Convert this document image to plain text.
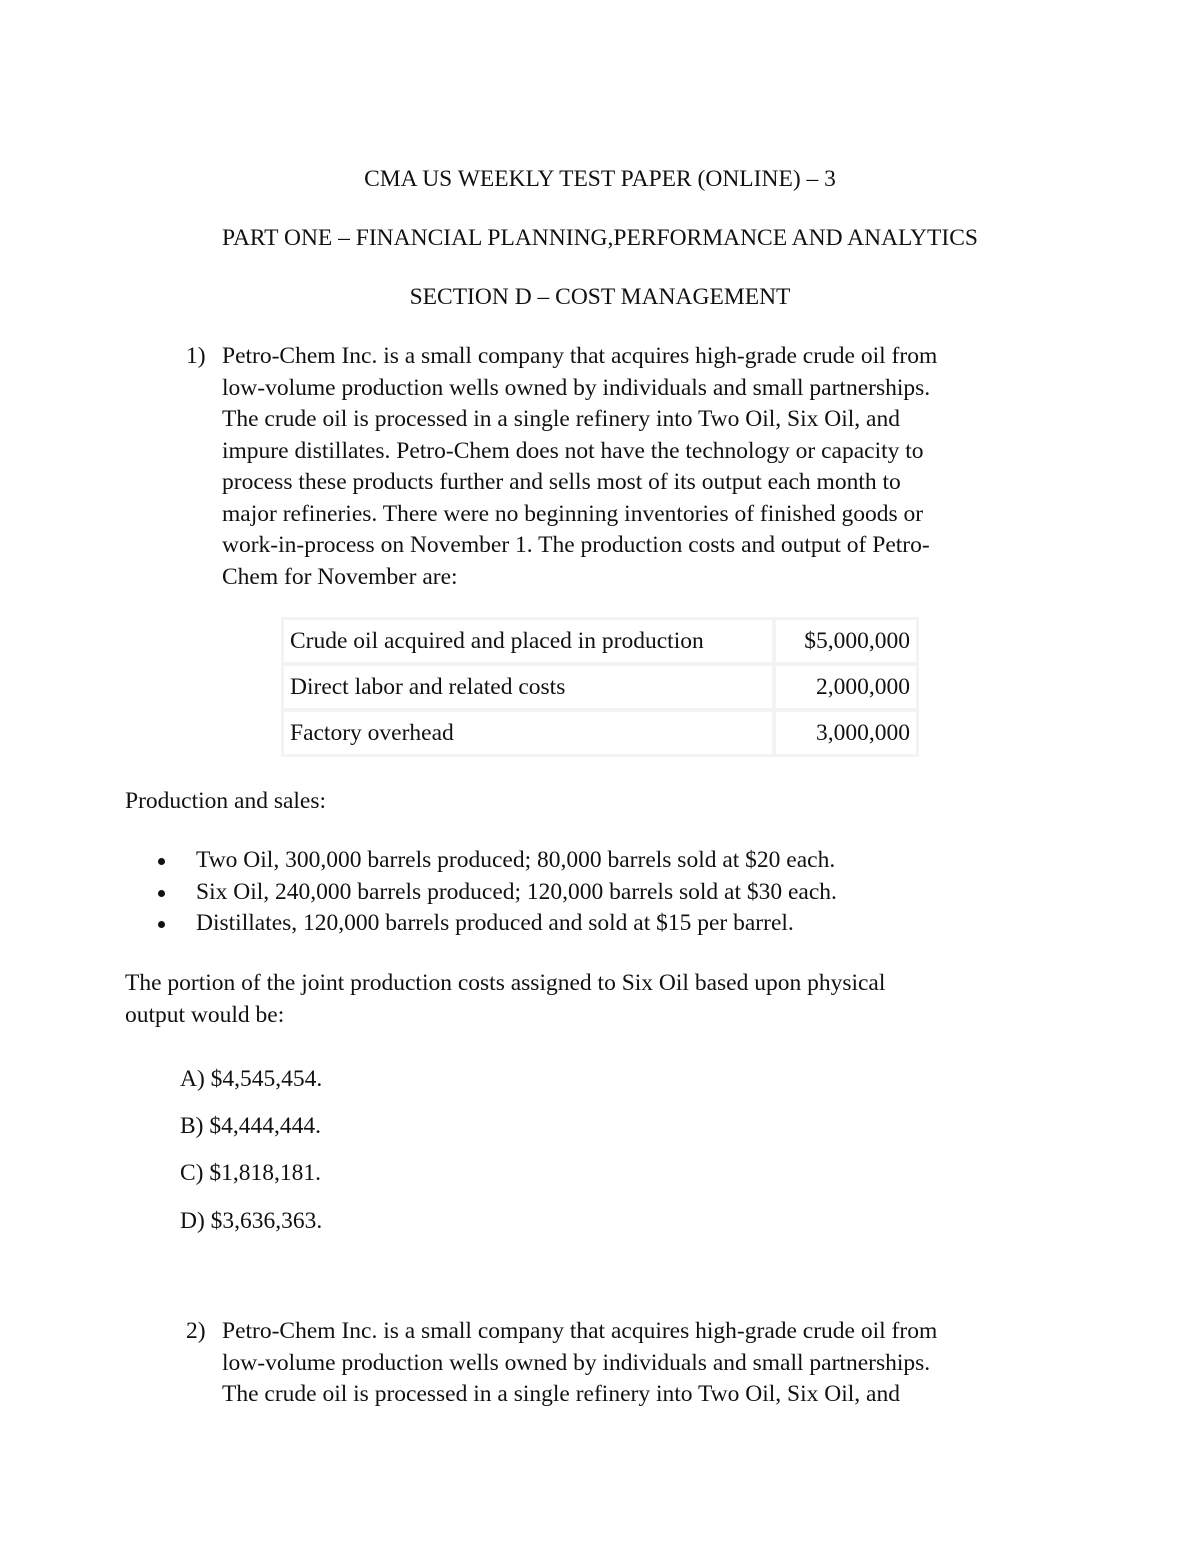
CMA US WEEKLY TEST PAPER (ONLINE) – 3
PART ONE – FINANCIAL PLANNING,PERFORMANCE AND ANALYTICS
SECTION D – COST MANAGEMENT
1) Petro-Chem Inc. is a small company that acquires high-grade crude oil from
low-volume production wells owned by individuals and small partnerships.
The crude oil is processed in a single refinery into Two Oil, Six Oil, and
impure distillates. Petro-Chem does not have the technology or capacity to
process these products further and sells most of its output each month to
major refineries. There were no beginning inventories of finished goods or
work-in-process on November 1. The production costs and output of Petro-
Chem for November are:
Crude oil acquired and placed in production	$5,000,000
Direct labor and related costs	2,000,000
Factory overhead	3,000,000
Production and sales:
Two Oil, 300,000 barrels produced; 80,000 barrels sold at $20 each.
Six Oil, 240,000 barrels produced; 120,000 barrels sold at $30 each.
Distillates, 120,000 barrels produced and sold at $15 per barrel.
The portion of the joint production costs assigned to Six Oil based upon physical
output would be:
A) $4,545,454.
B) $4,444,444.
C) $1,818,181.
D) $3,636,363.
2) Petro-Chem Inc. is a small company that acquires high-grade crude oil from
low-volume production wells owned by individuals and small partnerships.
The crude oil is processed in a single refinery into Two Oil, Six Oil, and
